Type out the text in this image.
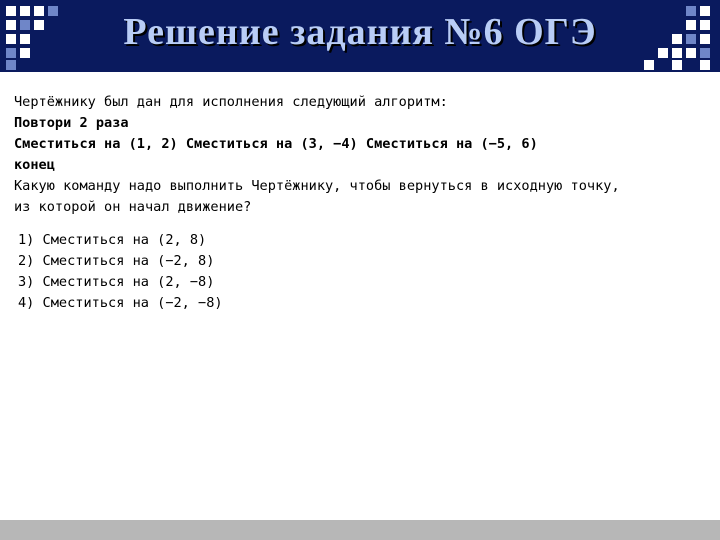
Решение задания №6 ОГЭ
Чертёжнику был дан для исполнения следующий алгоритм:
Повтори 2 раза
Сместиться на (1, 2) Сместиться на (3, −4) Сместиться на (−5, 6)
конец
Какую команду надо выполнить Чертёжнику, чтобы вернуться в исходную точку,
из которой он начал движение?
1) Сместиться на (2, 8)
2) Сместиться на (−2, 8)
3) Сместиться на (2, −8)
4) Сместиться на (−2, −8)
